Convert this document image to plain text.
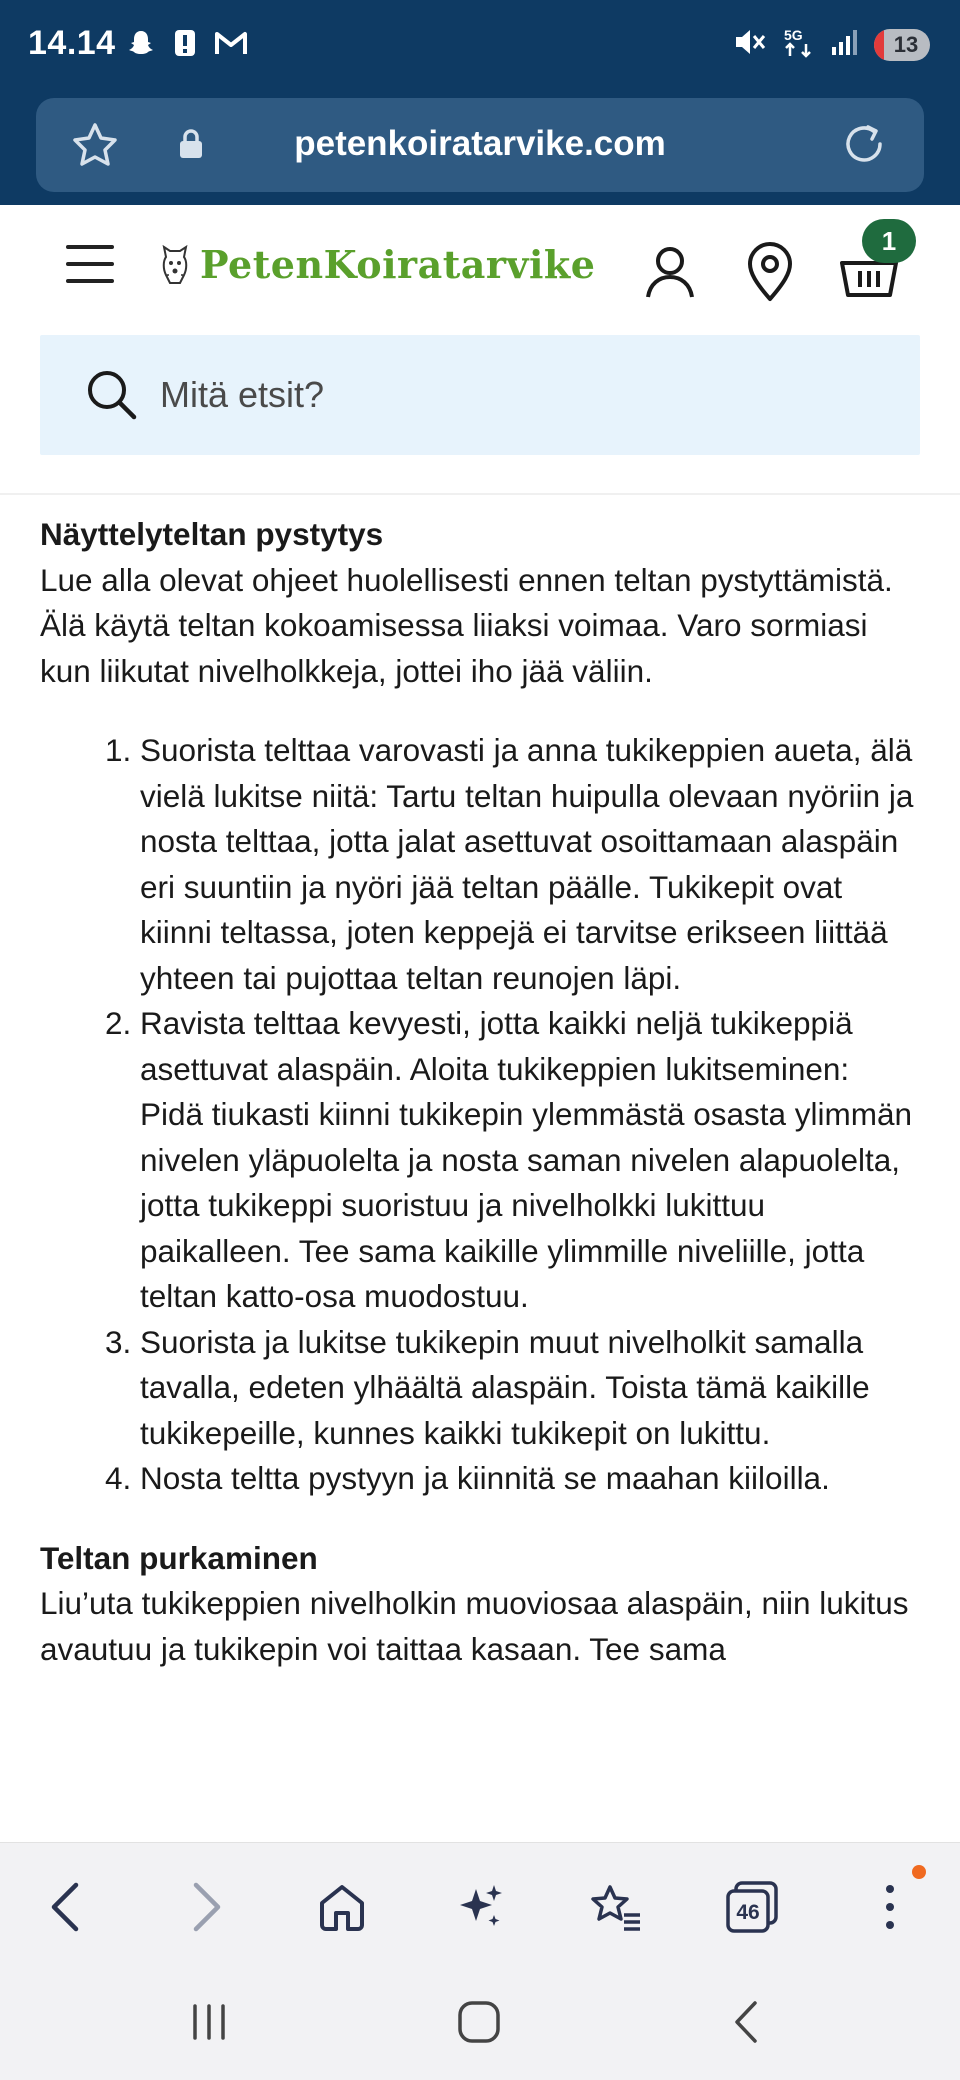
14.14	5G	13
petenkoiratarvike.com
PetenKoiratarvike
1
Mitä etsit?
Näyttelyteltan pystytys

Lue alla olevat ohjeet huolellisesti ennen teltan pystyttämistä. Älä käytä teltan kokoamisessa liiaksi voimaa. Varo sormiasi kun liikutat nivelholkkeja, jottei iho jää väliin.

1. Suorista telttaa varovasti ja anna tukikeppien aueta, älä vielä lukitse niitä: Tartu teltan huipulla olevaan nyöriin ja nosta telttaa, jotta jalat asettuvat osoittamaan alaspäin eri suuntiin ja nyöri jää teltan päälle. Tukikepit ovat kiinni teltassa, joten keppejä ei tarvitse erikseen liittää yhteen tai pujottaa teltan reunojen läpi.
2. Ravista telttaa kevyesti, jotta kaikki neljä tukikeppiä asettuvat alaspäin. Aloita tukikeppien lukitseminen: Pidä tiukasti kiinni tukikepin ylemmästä osasta ylimmän nivelen yläpuolelta ja nosta saman nivelen alapuolelta, jotta tukikeppi suoristuu ja nivelholkki lukittuu paikalleen. Tee sama kaikille ylimmille niveliille, jotta teltan katto-osa muodostuu.
3. Suorista ja lukitse tukikepin muut nivelholkit samalla tavalla, edeten ylhäältä alaspäin. Toista tämä kaikille tukikepeille, kunnes kaikki tukikepit on lukittu.
4. Nosta teltta pystyyn ja kiinnitä se maahan kiiloilla.
Teltan purkaminen

Liu’uta tukikeppien nivelholkin muoviosaa alaspäin, niin lukitus avautuu ja tukikepin voi taittaa kasaan. Tee sama

46
